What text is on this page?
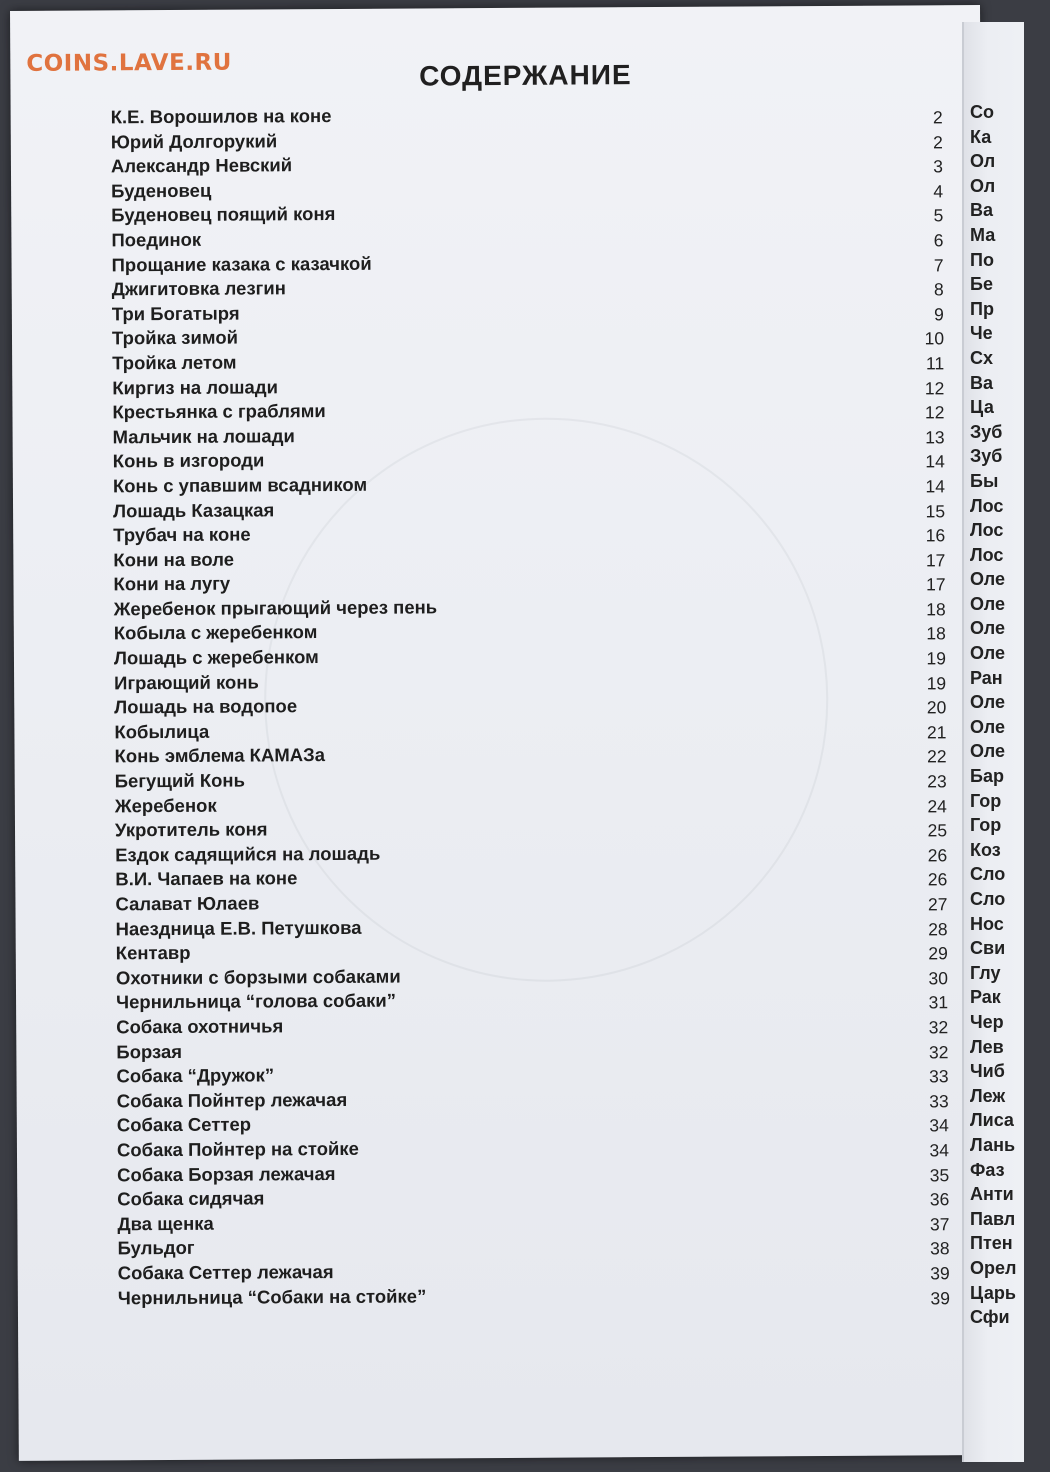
COINS.LAVE.RU	СОДЕРЖАНИЕ
К.Е. Ворошилов на коне	2
Юрий Долгорукий	2
Александр Невский	3
Буденовец	4
Буденовец поящий коня	5
Поединок	6
Прощание казака с казачкой	7
Джигитовка лезгин	8
Три Богатыря	9
Тройка зимой	10
Тройка летом	11
Киргиз на лошади	12
Крестьянка с граблями	12
Мальчик на лошади	13
Конь в изгороди	14
Конь с упавшим всадником	14
Лошадь Казацкая	15
Трубач на коне	16
Кони на воле	17
Кони на лугу	17
Жеребенок прыгающий через пень	18
Кобыла с жеребенком	18
Лошадь с жеребенком	19
Играющий конь	19
Лошадь на водопое	20
Кобылица	21
Конь эмблема КАМАЗа	22
Бегущий Конь	23
Жеребенок	24
Укротитель коня	25
Ездок садящийся на лошадь	26
В.И. Чапаев на коне	26
Салават Юлаев	27
Наездница Е.В. Петушкова	28
Кентавр	29
Охотники с борзыми собаками	30
Чернильница “голова собаки”	31
Собака охотничья	32
Борзая	32
Собака “Дружок”	33
Собака Пойнтер лежачая	33
Собака Сеттер	34
Собака Пойнтер на стойке	34
Собака Борзая лежачая	35
Собака сидячая	36
Два щенка	37
Бульдог	38
Собака Сеттер лежачая	39
Чернильница “Собаки на стойке”	39
Со
Ка
Ол
Ол
Ва
Ма
По
Бе
Пр
Че
Сх
Ва
Ца
Зуб
Зуб
Бы
Лос
Лос
Лос
Оле
Оле
Оле
Оле
Ран
Оле
Оле
Оле
Бар
Гор
Гор
Коз
Сло
Сло
Нос
Сви
Глу
Рак
Чер
Лев
Чиб
Леж
Лиса
Лань
Фаз
Анти
Павл
Птен
Орел
Царь
Сфи
